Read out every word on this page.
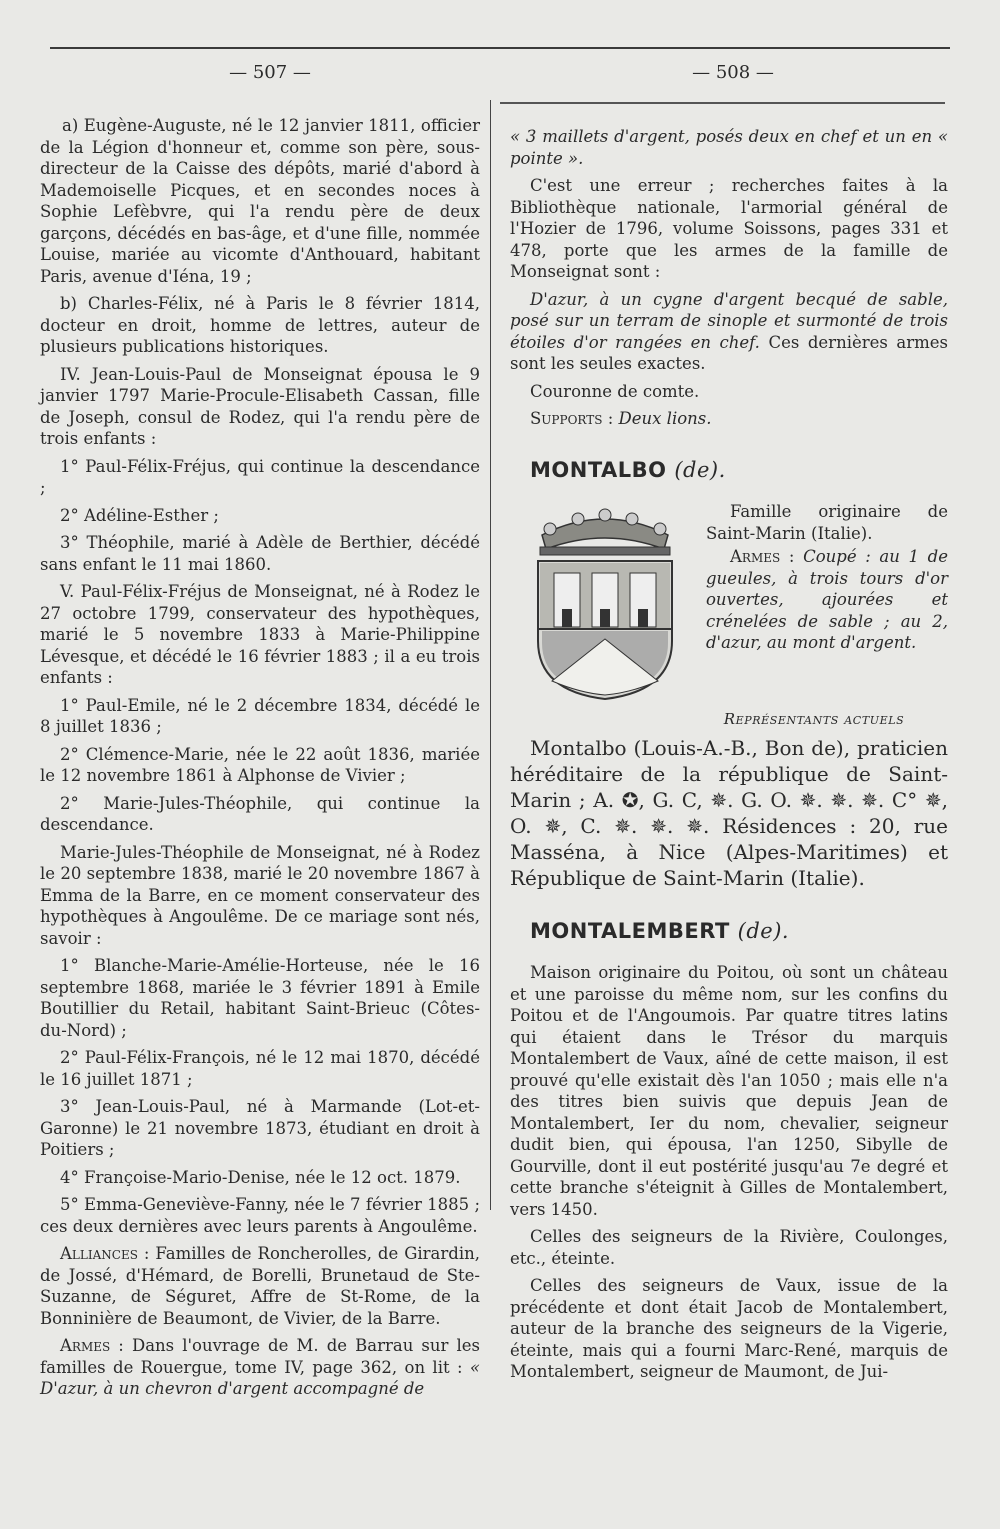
— 507 —	— 508 —

a) Eugène-Auguste, né le 12 janvier 1811, officier de la Légion d'honneur et, comme son père, sous-directeur de la Caisse des dépôts, marié d'abord à Mademoiselle Picques, et en secondes noces à Sophie Lefèbvre, qui l'a rendu père de deux garçons, décédés en bas-âge, et d'une fille, nommée Louise, mariée au vicomte d'Anthouard, habitant Paris, avenue d'Iéna, 19 ;

b) Charles-Félix, né à Paris le 8 février 1814, docteur en droit, homme de lettres, auteur de plusieurs publications historiques.

IV. Jean-Louis-Paul de Monseignat épousa le 9 janvier 1797 Marie-Procule-Elisabeth Cassan, fille de Joseph, consul de Rodez, qui l'a rendu père de trois enfants :

1° Paul-Félix-Fréjus, qui continue la descendance ;

2° Adéline-Esther ;

3° Théophile, marié à Adèle de Berthier, décédé sans enfant le 11 mai 1860.

V. Paul-Félix-Fréjus de Monseignat, né à Rodez le 27 octobre 1799, conservateur des hypothèques, marié le 5 novembre 1833 à Marie-Philippine Lévesque, et décédé le 16 février 1883 ; il a eu trois enfants :

1° Paul-Emile, né le 2 décembre 1834, décédé le 8 juillet 1836 ;

2° Clémence-Marie, née le 22 août 1836, mariée le 12 novembre 1861 à Alphonse de Vivier ;

2° Marie-Jules-Théophile, qui continue la descendance.

Marie-Jules-Théophile de Monseignat, né à Rodez le 20 septembre 1838, marié le 20 novembre 1867 à Emma de la Barre, en ce moment conservateur des hypothèques à Angoulême. De ce mariage sont nés, savoir :

1° Blanche-Marie-Amélie-Horteuse, née le 16 septembre 1868, mariée le 3 février 1891 à Emile Boutillier du Retail, habitant Saint-Brieuc (Côtes-du-Nord) ;

2° Paul-Félix-François, né le 12 mai 1870, décédé le 16 juillet 1871 ;

3° Jean-Louis-Paul, né à Marmande (Lot-et-Garonne) le 21 novembre 1873, étudiant en droit à Poitiers ;

4° Françoise-Mario-Denise, née le 12 oct. 1879.

5° Emma-Geneviève-Fanny, née le 7 février 1885 ; ces deux dernières avec leurs parents à Angoulême.

Alliances : Familles de Roncherolles, de Girardin, de Jossé, d'Hémard, de Borelli, Brunetaud de Ste-Suzanne, de Séguret, Affre de St-Rome, de la Bonninière de Beaumont, de Vivier, de la Barre.

Armes : Dans l'ouvrage de M. de Barrau sur les familles de Rouergue, tome IV, page 362, on lit : « D'azur, à un chevron d'argent accompagné de

« 3 maillets d'argent, posés deux en chef et un en « pointe ».

C'est une erreur ; recherches faites à la Bibliothèque nationale, l'armorial général de l'Hozier de 1796, volume Soissons, pages 331 et 478, porte que les armes de la famille de Monseignat sont :

D'azur, à un cygne d'argent becqué de sable, posé sur un terram de sinople et surmonté de trois étoiles d'or rangées en chef. Ces dernières armes sont les seules exactes.

Couronne de comte.

Supports : Deux lions.

MONTALBO (de).

Famille originaire de Saint-Marin (Italie).

Armes : Coupé : au 1 de gueules, à trois tours d'or ouvertes, ajourées et crénelées de sable ; au 2, d'azur, au mont d'argent.

Représentants actuels

Montalbo (Louis-A.-B., Bon de), praticien héréditaire de la république de Saint-Marin ; A. ✪, G. C, ✵. G. O. ✵. ✵. ✵. C° ✵, O. ✵, C. ✵. ✵. ✵. Résidences : 20, rue Masséna, à Nice (Alpes-Maritimes) et République de Saint-Marin (Italie).

MONTALEMBERT (de).

Maison originaire du Poitou, où sont un château et une paroisse du même nom, sur les confins du Poitou et de l'Angoumois. Par quatre titres latins qui étaient dans le Trésor du marquis Montalembert de Vaux, aîné de cette maison, il est prouvé qu'elle existait dès l'an 1050 ; mais elle n'a des titres bien suivis que depuis Jean de Montalembert, Ier du nom, chevalier, seigneur dudit bien, qui épousa, l'an 1250, Sibylle de Gourville, dont il eut postérité jusqu'au 7e degré et cette branche s'éteignit à Gilles de Montalembert, vers 1450.

Celles des seigneurs de la Rivière, Coulonges, etc., éteinte.

Celles des seigneurs de Vaux, issue de la précédente et dont était Jacob de Montalembert, auteur de la branche des seigneurs de la Vigerie, éteinte, mais qui a fourni Marc-René, marquis de Montalembert, seigneur de Maumont, de Jui-
